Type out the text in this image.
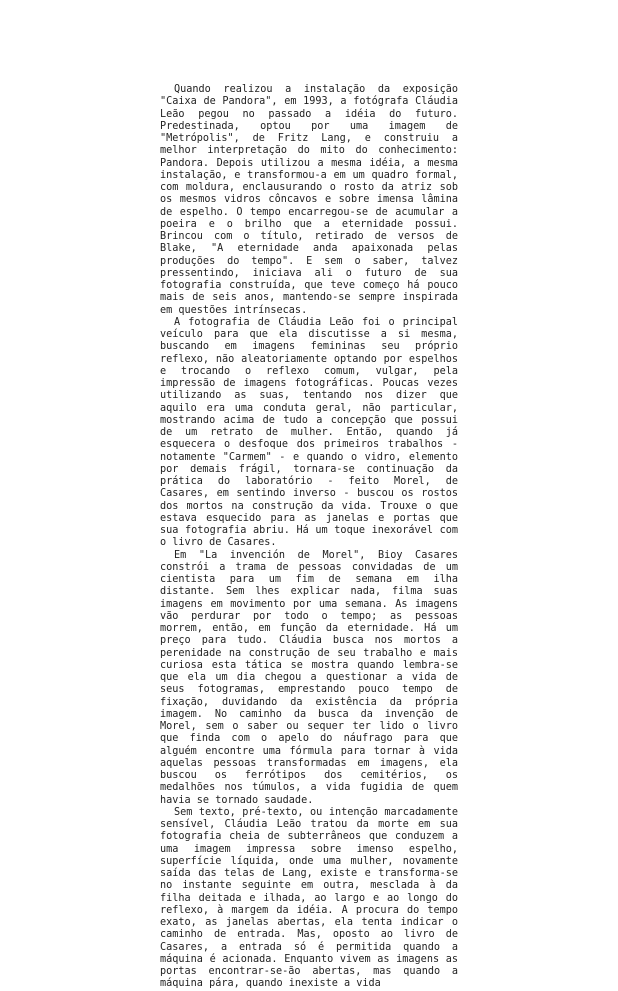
Quando realizou a instalação da exposição "Caixa de Pandora", em 1993, a fotógrafa Cláudia Leão pegou no passado a idéia do futuro. Predestinada, optou por uma imagem de "Metrópolis", de Fritz Lang, e construiu a melhor interpretação do mito do conhecimento: Pandora. Depois utilizou a mesma idéia, a mesma instalação, e transformou-a em um quadro formal, com moldura, enclausurando o rosto da atriz sob os mesmos vidros côncavos e sobre imensa lâmina de espelho. O tempo encarregou-se de acumular a poeira e o brilho que a eternidade possui. Brincou com o título, retirado de versos de Blake, "A eternidade anda apaixonada pelas produções do tempo". E sem o saber, talvez pressentindo, iniciava ali o futuro de sua fotografia construída, que teve começo há pouco mais de seis anos, mantendo-se sempre inspirada em questões intrínsecas.

A fotografia de Cláudia Leão foi o principal veículo para que ela discutisse a si mesma, buscando em imagens femininas seu próprio reflexo, não aleatoriamente optando por espelhos e trocando o reflexo comum, vulgar, pela impressão de imagens fotográficas. Poucas vezes utilizando as suas, tentando nos dizer que aquilo era uma conduta geral, não particular, mostrando acima de tudo a concepção que possui de um retrato de mulher. Então, quando já esquecera o desfoque dos primeiros trabalhos - notamente "Carmem" - e quando o vidro, elemento por demais frágil, tornara-se continuação da prática do laboratório - feito Morel, de Casares, em sentindo inverso - buscou os rostos dos mortos na construção da vida. Trouxe o que estava esquecido para as janelas e portas que sua fotografia abriu. Há um toque inexorável com o livro de Casares.

Em "La invención de Morel", Bioy Casares constrói a trama de pessoas convidadas de um cientista para um fim de semana em ilha distante. Sem lhes explicar nada, filma suas imagens em movimento por uma semana. As imagens vão perdurar por todo o tempo; as pessoas morrem, então, em função da eternidade. Há um preço para tudo. Cláudia busca nos mortos a perenidade na construção de seu trabalho e mais curiosa esta tática se mostra quando lembra-se que ela um dia chegou a questionar a vida de seus fotogramas, emprestando pouco tempo de fixação, duvidando da existência da própria imagem. No caminho da busca da invenção de Morel, sem o saber ou sequer ter lido o livro que finda com o apelo do náufrago para que alguém encontre uma fórmula para tornar à vida aquelas pessoas transformadas em imagens, ela buscou os ferrótipos dos cemitérios, os medalhões nos túmulos, a vida fugidia de quem havia se tornado saudade.

Sem texto, pré-texto, ou intenção marcadamente sensível, Cláudia Leão tratou da morte em sua fotografia cheia de subterrâneos que conduzem a uma imagem impressa sobre imenso espelho, superfície líquida, onde uma mulher, novamente saída das telas de Lang, existe e transforma-se no instante seguinte em outra, mesclada à da filha deitada e ilhada, ao largo e ao longo do reflexo, à margem da idéia. A procura do tempo exato, as janelas abertas, ela tenta indicar o caminho de entrada. Mas, oposto ao livro de Casares, a entrada só é permitida quando a máquina é acionada. Enquanto vivem as imagens as portas encontrar-se-ão abertas, mas quando a máquina pára, quando inexiste a vida
